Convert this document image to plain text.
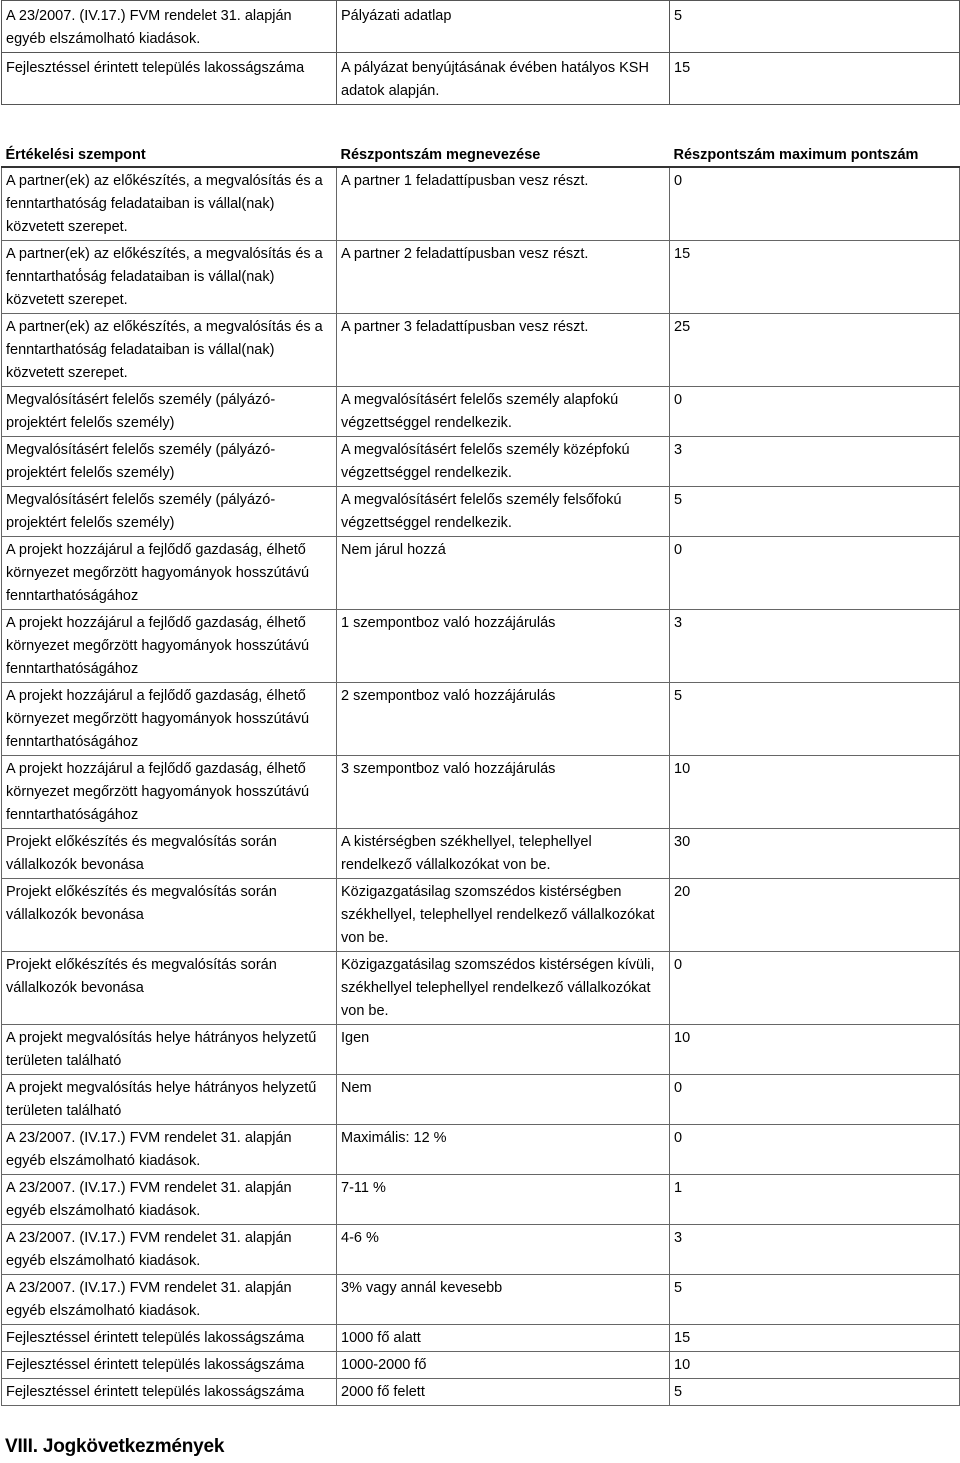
A 23/2007. (IV.17.) FVM rendelet 31. alapján egyéb elszámolható kiadások.	Pályázati adatlap	5
Fejlesztéssel érintett település lakosságszáma	A pályázat benyújtásának évében hatályos KSH adatok alapján.	15
Értékelési szempont	Részpontszám megnevezése	Részpontszám maximum pontszám
A partner(ek) az előkészítés, a megvalósítás és a fenntarthatóság feladataiban is vállal(nak) közvetett szerepet.	A partner 1 feladattípusban vesz részt.	0
A partner(ek) az előkészítés, a megvalósítás és a fenntartható́ság feladataiban is vállal(nak) közvetett szerepet.	A partner 2 feladattípusban vesz részt.	15
A partner(ek) az előkészítés, a megvalósítás és a fenntarthatóság feladataiban is vállal(nak) közvetett szerepet.	A partner 3 feladattípusban vesz részt.	25
Megvalósításért felelős személy (pályázó-projektért felelős személy)	A megvalósításért felelős személy alapfokú végzettséggel rendelkezik.	0
Megvalósításért felelős személy (pályázó-projektért felelős személy)	A megvalósításért felelős személy középfokú végzettséggel rendelkezik.	3
Megvalósításért felelős személy (pályázó-projektért felelős személy)	A megvalósításért felelős személy felsőfokú végzettséggel rendelkezik.	5
A projekt hozzájárul a fejlődő gazdaság, élhető környezet megőrzött hagyományok hosszútávú fenntarthatóságához	Nem járul hozzá	0
A projekt hozzájárul a fejlődő gazdaság, élhető környezet megőrzött hagyományok hosszútávú fenntarthatóságához	1 szempontboz való hozzájárulás	3
A projekt hozzájárul a fejlődő gazdaság, élhető környezet megőrzött hagyományok hosszútávú fenntarthatóságához	2 szempontboz való hozzájárulás	5
A projekt hozzájárul a fejlődő gazdaság, élhető környezet megőrzött hagyományok hosszútávú fenntarthatóságához	3 szempontboz való hozzájárulás	10
Projekt előkészítés és megvalósítás során vállalkozók bevonása	A kistérségben székhellyel, telephellyel rendelkező vállalkozókat von be.	30
Projekt előkészítés és megvalósítás során vállalkozók bevonása	Közigazgatásilag szomszédos kistérségben székhellyel, telephellyel rendelkező vállalkozókat von be.	20
Projekt előkészítés és megvalósítás során vállalkozók bevonása	Közigazgatásilag szomszédos kistérségen kívüli, székhellyel telephellyel rendelkező vállalkozókat von be.	0
A projekt megvalósítás helye hátrányos helyzetű területen található	Igen	10
A projekt megvalósítás helye hátrányos helyzetű területen található	Nem	0
A 23/2007. (IV.17.) FVM rendelet 31. alapján egyéb elszámolható kiadások.	Maximális: 12 %	0
A 23/2007. (IV.17.) FVM rendelet 31. alapján egyéb elszámolható kiadások.	7-11 %	1
A 23/2007. (IV.17.) FVM rendelet 31. alapján egyéb elszámolható kiadások.	4-6 %	3
A 23/2007. (IV.17.) FVM rendelet 31. alapján egyéb elszámolható kiadások.	3% vagy annál kevesebb	5
Fejlesztéssel érintett település lakosságszáma	1000 fő alatt	15
Fejlesztéssel érintett település lakosságszáma	1000-2000 fő	10
Fejlesztéssel érintett település lakosságszáma	2000 fő felett	5
VIII. Jogkövetkezmények
